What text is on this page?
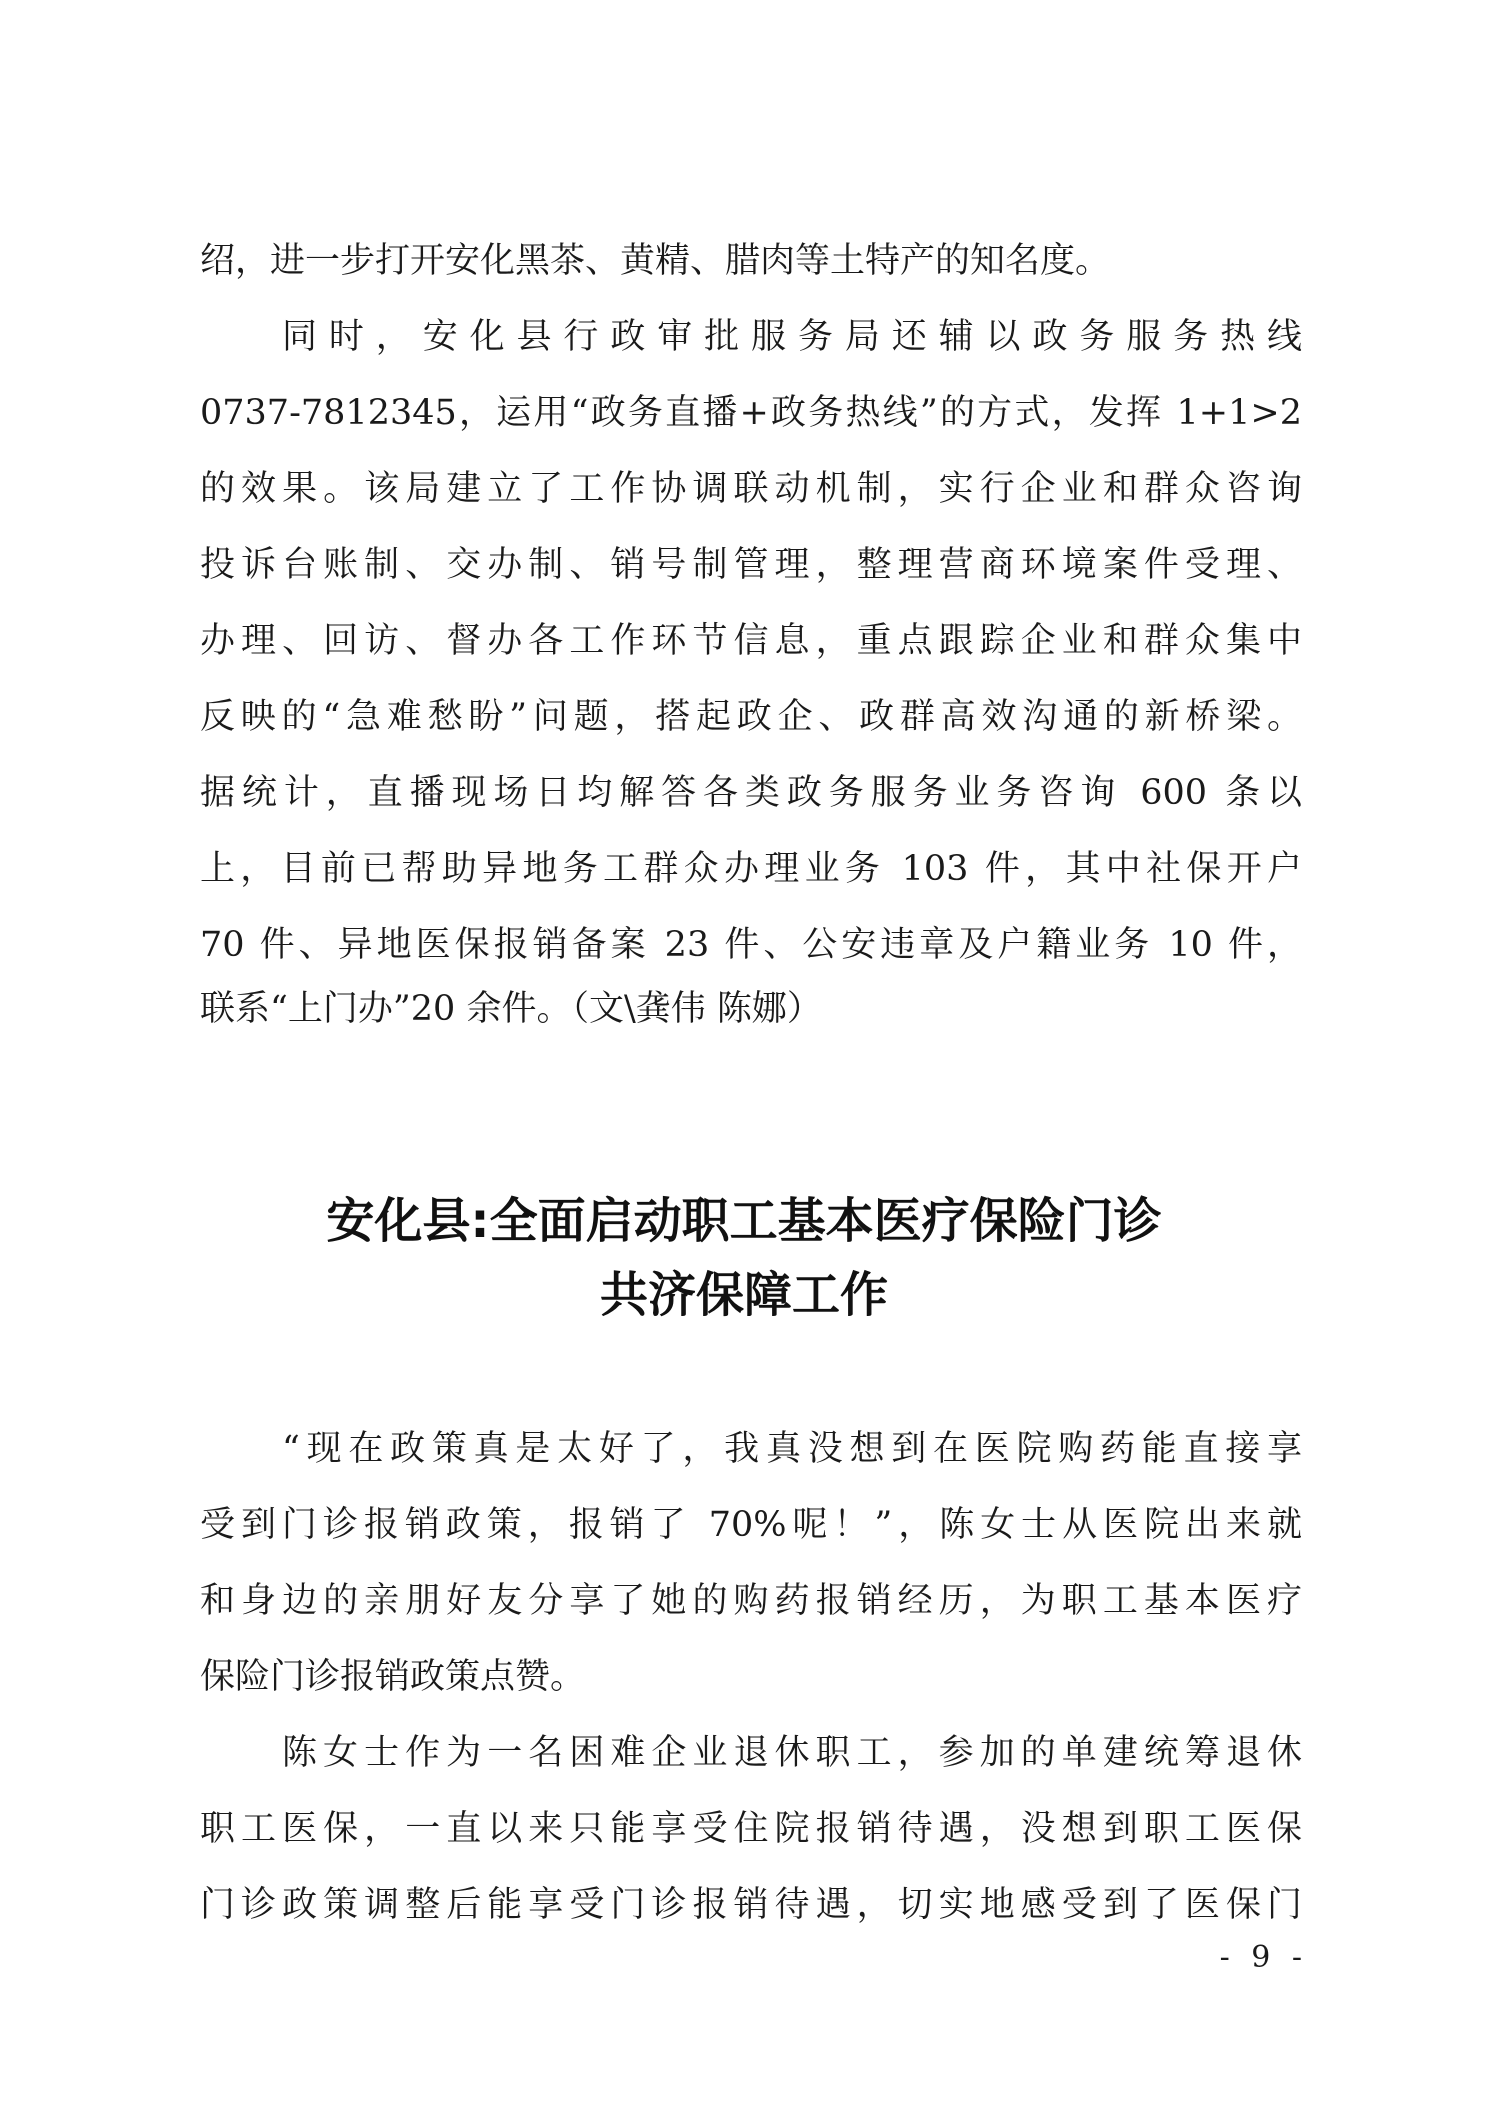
绍，进一步打开安化黑茶、黄精、腊肉等土特产的知名度。
同时，安化县行政审批服务局还辅以政务服务热线
0737-7812345，运用“政务直播+政务热线”的方式，发挥 1+1>2
的效果。该局建立了工作协调联动机制，实行企业和群众咨询
投诉台账制、交办制、销号制管理，整理营商环境案件受理、
办理、回访、督办各工作环节信息，重点跟踪企业和群众集中
反映的“急难愁盼”问题，搭起政企、政群高效沟通的新桥梁。
据统计，直播现场日均解答各类政务服务业务咨询 600 条以
上，目前已帮助异地务工群众办理业务 103 件，其中社保开户
70 件、异地医保报销备案 23 件、公安违章及户籍业务 10 件，
联系“上门办”20 余件。（文\龚伟 陈娜）
安化县:全面启动职工基本医疗保险门诊
共济保障工作
“现在政策真是太好了，我真没想到在医院购药能直接享
受到门诊报销政策，报销了 70%呢！”，陈女士从医院出来就
和身边的亲朋好友分享了她的购药报销经历，为职工基本医疗
保险门诊报销政策点赞。
陈女士作为一名困难企业退休职工，参加的单建统筹退休
职工医保，一直以来只能享受住院报销待遇，没想到职工医保
门诊政策调整后能享受门诊报销待遇，切实地感受到了医保门
- 9 -
